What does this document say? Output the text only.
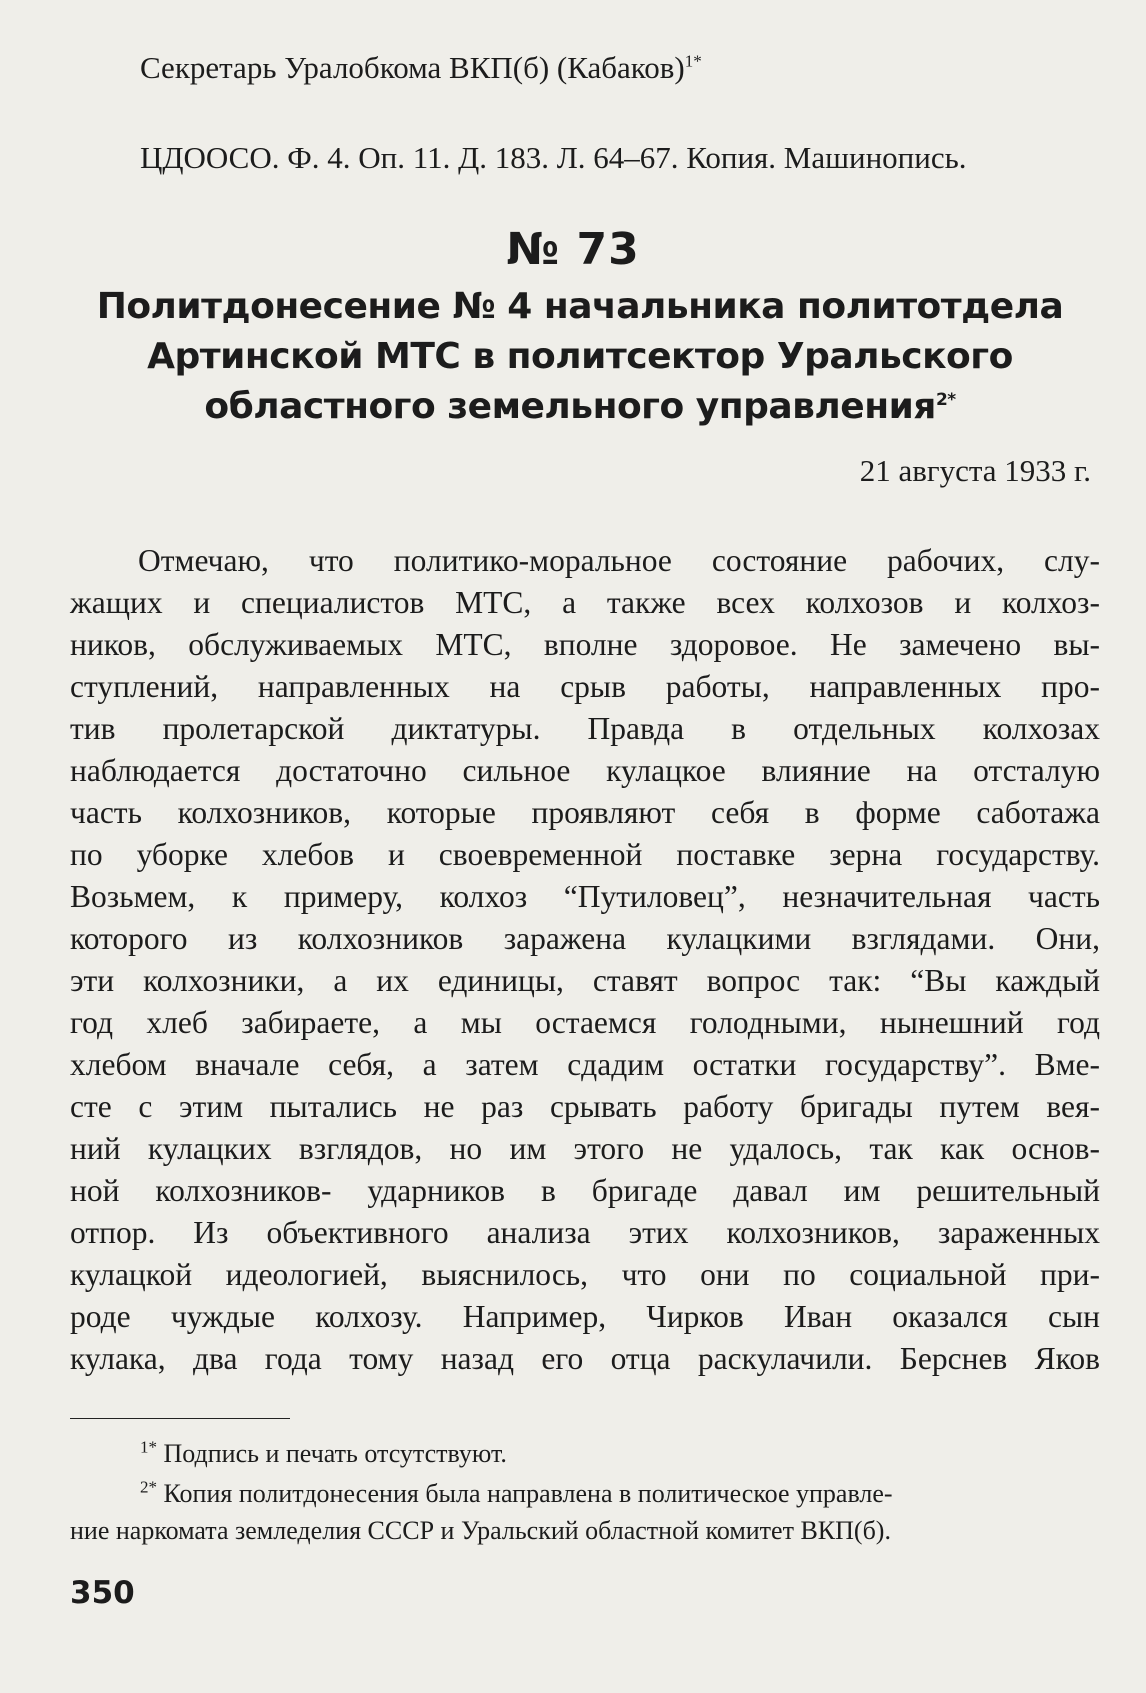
Секретарь Уралобкома ВКП(б) (Кабаков)$^{1*}$
ЦДООСО. Ф. 4. Оп. 11. Д. 183. Л. 64–67. Копия. Машинопись.
№ 73
Политдонесение № 4 начальника политотдела
Артинской МТС в политсектор Уральского
областного земельного управления$^{2*}$
21 августа 1933 г.
Отмечаю, что политико-моральное состояние рабочих, слу-
жащих и специалистов МТС, а также всех колхозов и колхоз-
ников, обслуживаемых МТС, вполне здоровое. Не замечено вы-
ступлений, направленных на срыв работы, направленных про-
тив пролетарской диктатуры. Правда в отдельных колхозах
наблюдается достаточно сильное кулацкое влияние на отсталую
часть колхозников, которые проявляют себя в форме саботажа
по уборке хлебов и своевременной поставке зерна государству.
Возьмем, к примеру, колхоз “Путиловец”, незначительная часть
которого из колхозников заражена кулацкими взглядами. Они,
эти колхозники, а их единицы, ставят вопрос так: “Вы каждый
год хлеб забираете, а мы остаемся голодными, нынешний год
хлебом вначале себя, а затем сдадим остатки государству”. Вме-
сте с этим пытались не раз срывать работу бригады путем вея-
ний кулацких взглядов, но им этого не удалось, так как основ-
ной колхозников- ударников в бригаде давал им решительный
отпор. Из объективного анализа этих колхозников, зараженных
кулацкой идеологией, выяснилось, что они по социальной при-
роде чуждые колхозу. Например, Чирков Иван оказался сын
кулака, два года тому назад его отца раскулачили. Берснев Яков
$^{1*}$ Подпись и печать отсутствуют.
$^{2*}$ Копия политдонесения была направлена в политическое управле-
ние наркомата земледелия СССР и Уральский областной комитет ВКП(б).
350
